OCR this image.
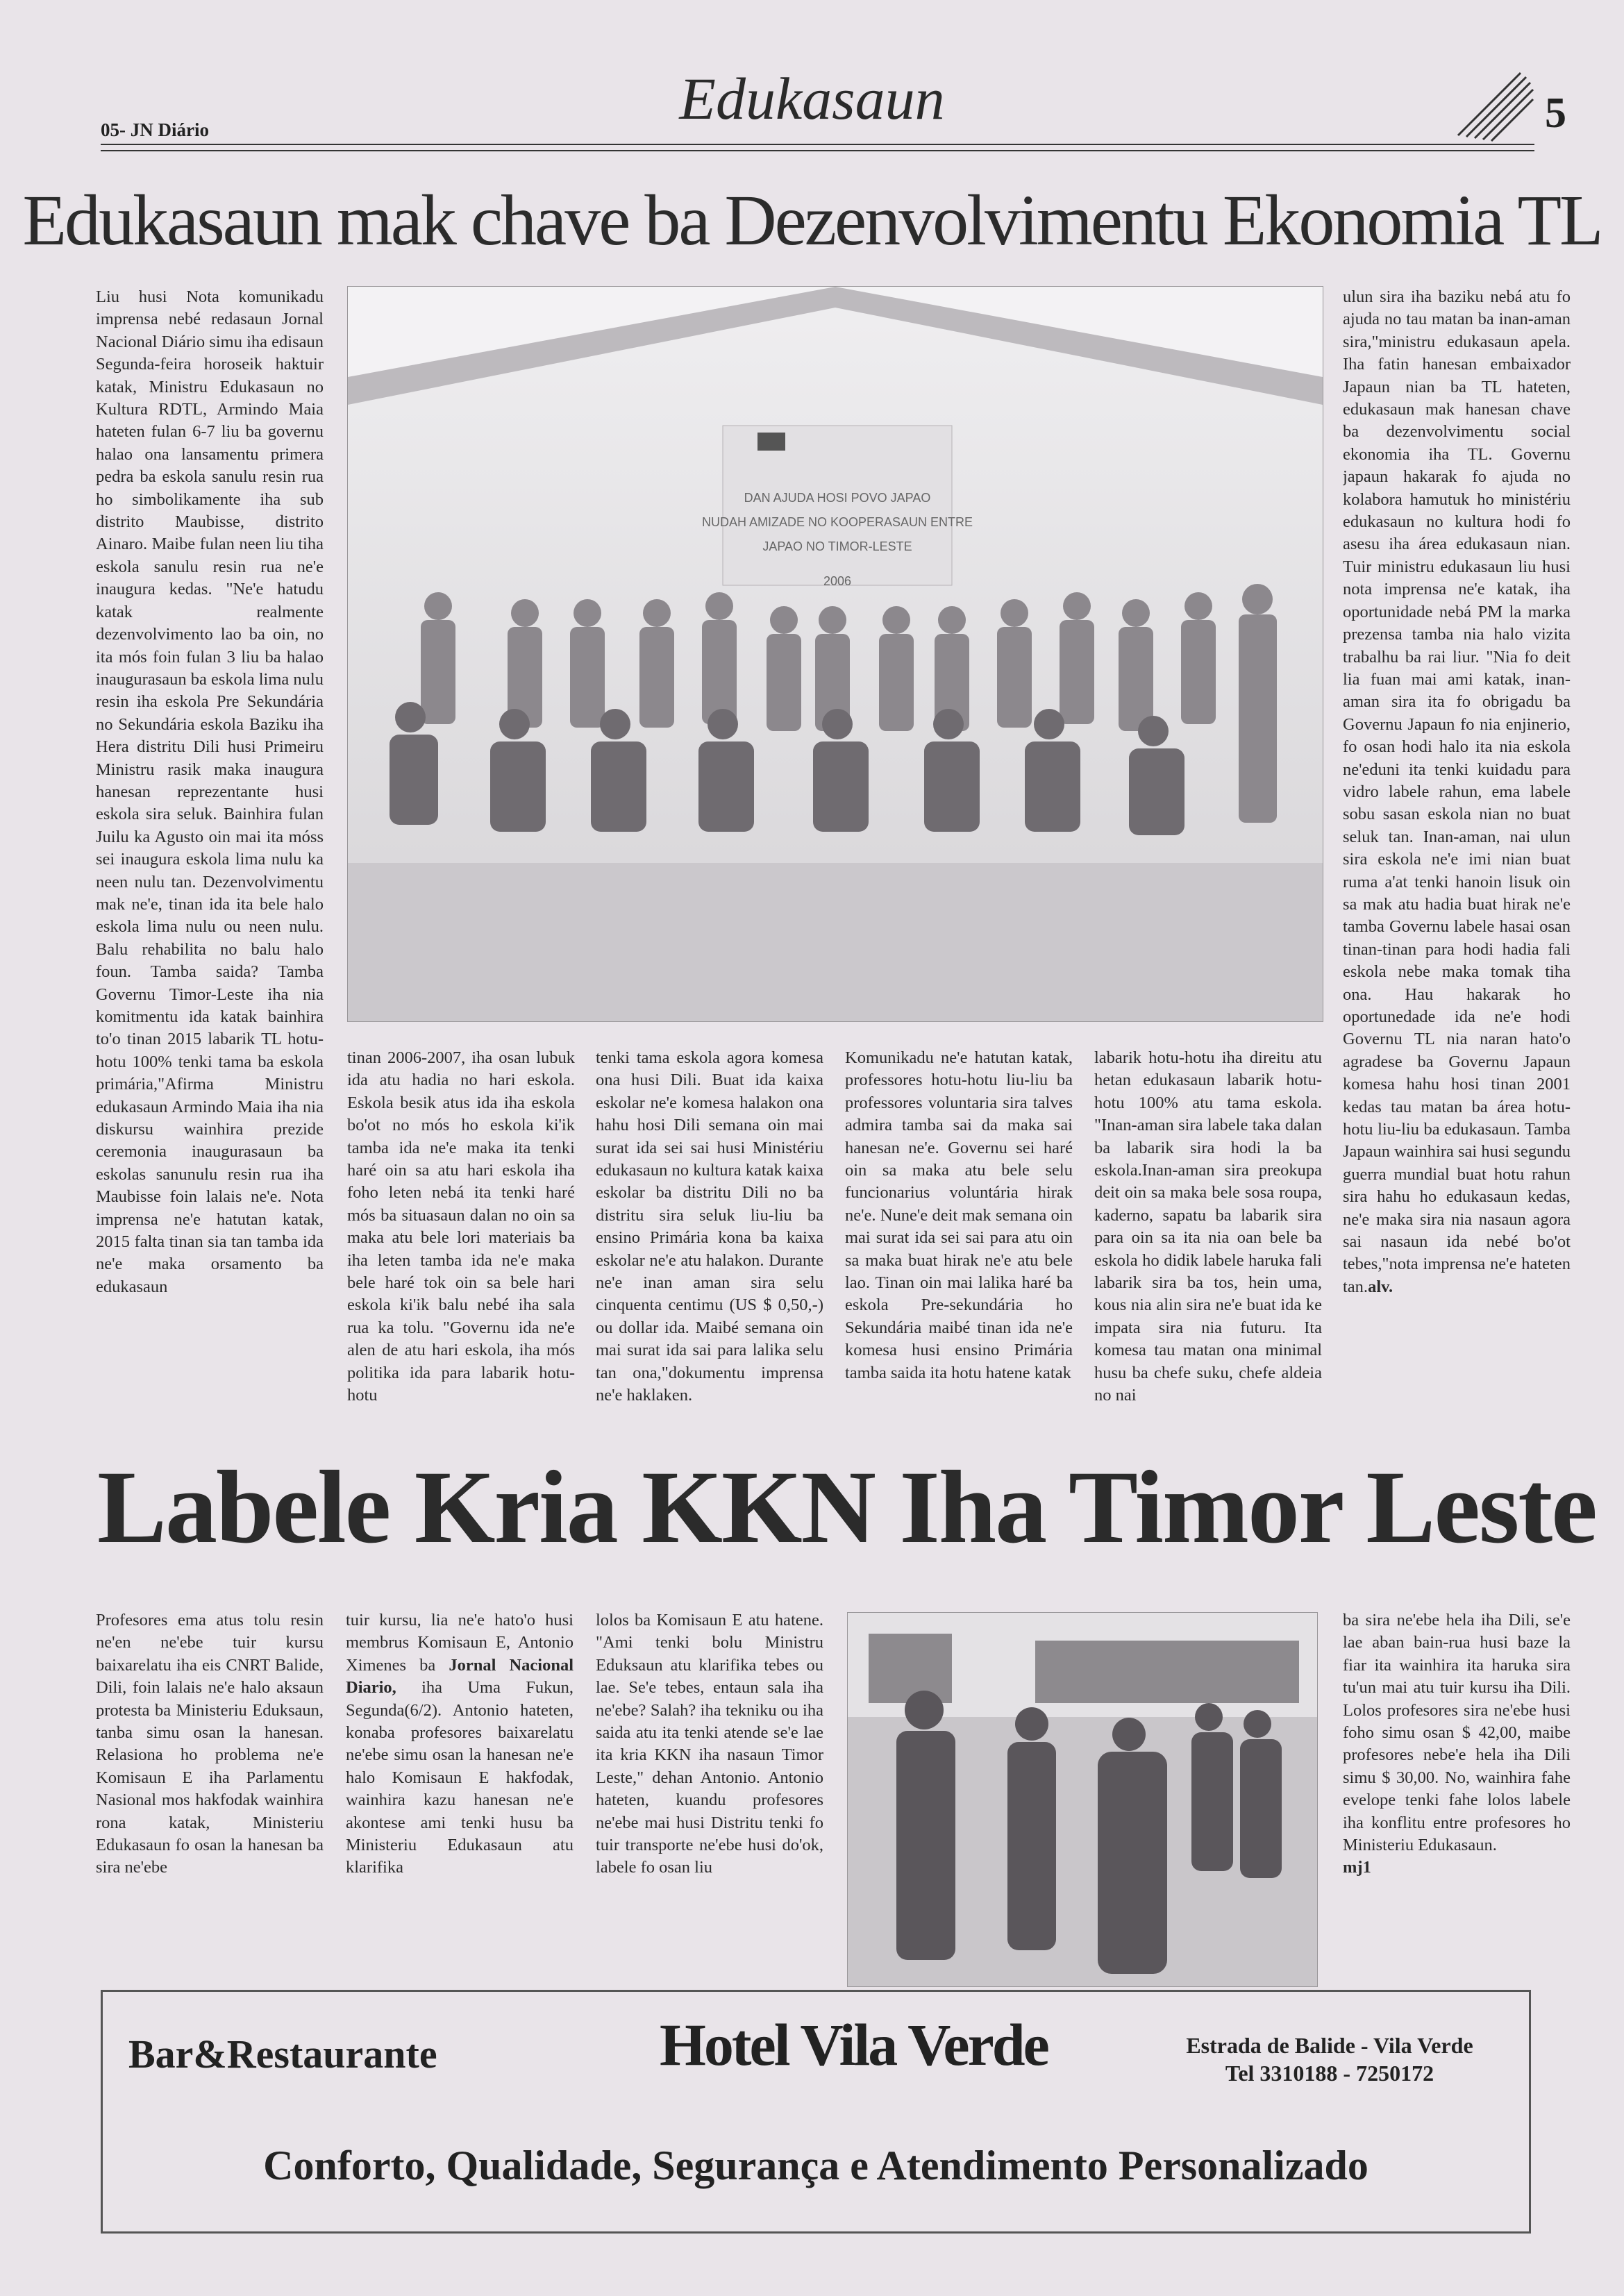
05- JN Diário	Edukasaun	5
Edukasaun mak chave ba Dezenvolvimentu Ekonomia TL

Liu husi Nota komunikadu imprensa nebé redasaun Jornal Nacional Diário simu iha edisaun Segunda-feira horoseik haktuir katak, Ministru Edukasaun no Kultura RDTL, Armindo Maia hateten fulan 6-7 liu ba governu halao ona lansamentu primera pedra ba eskola sanulu resin rua ho simbolikamente iha sub distrito Maubisse, distrito Ainaro. Maibe fulan neen liu tiha eskola sanulu resin rua ne'e inaugura kedas. "Ne'e hatudu katak realmente dezenvolvimento lao ba oin, no ita mós foin fulan 3 liu ba halao inaugurasaun ba eskola lima nulu resin iha eskola Pre Sekundária no Sekundária eskola Baziku iha Hera distritu Dili husi Primeiru Ministru rasik maka inaugura hanesan reprezentante husi eskola sira seluk. Bainhira fulan Juilu ka Agusto oin mai ita móss sei inaugura eskola lima nulu ka neen nulu tan. Dezenvolvimentu mak ne'e, tinan ida ita bele halo eskola lima nulu ou neen nulu. Balu rehabilita no balu halo foun. Tamba saida? Tamba Governu Timor-Leste iha nia komitmentu ida katak bainhira to'o tinan 2015 labarik TL hotu-hotu 100% tenki tama ba eskola primária,"Afirma Ministru edukasaun Armindo Maia iha nia diskursu wainhira prezide ceremonia inaugurasaun ba eskolas sanunulu resin rua iha Maubisse foin lalais ne'e. Nota imprensa ne'e hatutan katak, 2015 falta tinan sia tan tamba ida ne'e maka orsamento ba edukasaun

DAN AJUDA HOSI POVO JAPAO
NUDAH AMIZADE NO KOOPERASAUN ENTRE
JAPAO NO TIMOR-LESTE
2006

tinan 2006-2007, iha osan lubuk ida atu hadia no hari eskola. Eskola besik atus ida iha eskola bo'ot no mós ho eskola ki'ik tamba ida ne'e maka ita tenki haré oin sa atu hari eskola iha foho leten nebá ita tenki haré mós ba situasaun dalan no oin sa maka atu bele lori materiais ba iha leten tamba ida ne'e maka bele haré tok oin sa bele hari eskola ki'ik balu nebé iha sala rua ka tolu. "Governu ida ne'e alen de atu hari eskola, iha mós politika ida para labarik hotu-hotu

tenki tama eskola agora komesa ona husi Dili. Buat ida kaixa eskolar ne'e komesa halakon ona hahu hosi Dili semana oin mai surat ida sei sai husi Ministériu edukasaun no kultura katak kaixa eskolar ba distritu Dili no ba distritu sira seluk liu-liu ba ensino Primária kona ba kaixa eskolar ne'e atu halakon. Durante ne'e inan aman sira selu cinquenta centimu (US $ 0,50,-) ou dollar ida. Maibé semana oin mai surat ida sai para lalika selu tan ona,"dokumentu imprensa ne'e haklaken.

Komunikadu ne'e hatutan katak, professores hotu-hotu liu-liu ba professores voluntaria sira talves admira tamba sai da maka sai hanesan ne'e. Governu sei haré oin sa maka atu bele selu funcionarius voluntária hirak ne'e. Nune'e deit mak semana oin mai surat ida sei sai para atu oin sa maka buat hirak ne'e atu bele lao. Tinan oin mai lalika haré ba eskola Pre-sekundária ho Sekundária maibé tinan ida ne'e komesa husi ensino Primária tamba saida ita hotu hatene katak

labarik hotu-hotu iha direitu atu hetan edukasaun labarik hotu-hotu 100% atu tama eskola. "Inan-aman sira labele taka dalan ba labarik sira hodi la ba eskola.Inan-aman sira preokupa deit oin sa maka bele sosa roupa, kaderno, sapatu ba labarik sira para oin sa ita nia oan bele ba eskola ho didik labele haruka fali labarik sira ba tos, hein uma, kous nia alin sira ne'e buat ida ke impata sira nia futuru. Ita komesa tau matan ona minimal husu ba chefe suku, chefe aldeia no nai

ulun sira iha baziku nebá atu fo ajuda no tau matan ba inan-aman sira,"ministru edukasaun apela. Iha fatin hanesan embaixador Japaun nian ba TL hateten, edukasaun mak hanesan chave ba dezenvolvimentu social ekonomia iha TL. Governu japaun hakarak fo ajuda no kolabora hamutuk ho ministériu edukasaun no kultura hodi fo asesu iha área edukasaun nian. Tuir ministru edukasaun liu husi nota imprensa ne'e katak, iha oportunidade nebá PM la marka prezensa tamba nia halo vizita trabalhu ba rai liur. "Nia fo deit lia fuan mai ami katak, inan-aman sira ita fo obrigadu ba Governu Japaun fo nia enjinerio, fo osan hodi halo ita nia eskola ne'eduni ita tenki kuidadu para vidro labele rahun, ema labele sobu sasan eskola nian no buat seluk tan. Inan-aman, nai ulun sira eskola ne'e imi nian buat ruma a'at tenki hanoin lisuk oin sa mak atu hadia buat hirak ne'e tamba Governu labele hasai osan tinan-tinan para hodi hadia fali eskola nebe maka tomak tiha ona. Hau hakarak ho oportunedade ida ne'e hodi Governu TL nia naran hato'o agradese ba Governu Japaun komesa hahu hosi tinan 2001 kedas tau matan ba área hotu-hotu liu-liu ba edukasaun. Tamba Japaun wainhira sai husi segundu guerra mundial buat hotu rahun sira hahu ho edukasaun kedas, ne'e maka sira nia nasaun agora sai nasaun ida nebé bo'ot tebes,"nota imprensa ne'e hateten tan.alv.

Labele Kria KKN Iha Timor Leste

Profesores ema atus tolu resin ne'en ne'ebe tuir kursu baixarelatu iha eis CNRT Balide, Dili, foin lalais ne'e halo aksaun protesta ba Ministeriu Eduksaun, tanba simu osan la hanesan. Relasiona ho problema ne'e Komisaun E iha Parlamentu Nasional mos hakfodak wainhira rona katak, Ministeriu Edukasaun fo osan la hanesan ba sira ne'ebe

tuir kursu, lia ne'e hato'o husi membrus Komisaun E, Antonio Ximenes ba Jornal Nacional Diario, iha Uma Fukun, Segunda(6/2). Antonio hateten, konaba profesores baixarelatu ne'ebe simu osan la hanesan ne'e halo Komisaun E hakfodak, wainhira kazu hanesan ne'e akontese ami tenki husu ba Ministeriu Edukasaun atu klarifika

lolos ba Komisaun E atu hatene. "Ami tenki bolu Ministru Eduksaun atu klarifika tebes ou lae. Se'e tebes, entaun sala iha ne'ebe? Salah? iha tekniku ou iha saida atu ita tenki atende se'e lae ita kria KKN iha nasaun Timor Leste," dehan Antonio. Antonio hateten, kuandu profesores ne'ebe mai husi Distritu tenki fo tuir transporte ne'ebe husi do'ok, labele fo osan liu

ba sira ne'ebe hela iha Dili, se'e lae aban bain-rua husi baze la fiar ita wainhira ita haruka sira tu'un mai atu tuir kursu iha Dili. Lolos profesores sira ne'ebe husi foho simu osan $ 42,00, maibe profesores nebe'e hela iha Dili simu $ 30,00. No, wainhira fahe evelope tenki fahe lolos labele iha konflitu entre profesores ho Ministeriu Edukasaun.
mj1

Bar&Restaurante	Hotel Vila Verde	Estrada de Balide - Vila Verde
Tel 3310188 - 7250172
Conforto, Qualidade, Segurança e Atendimento Personalizado
